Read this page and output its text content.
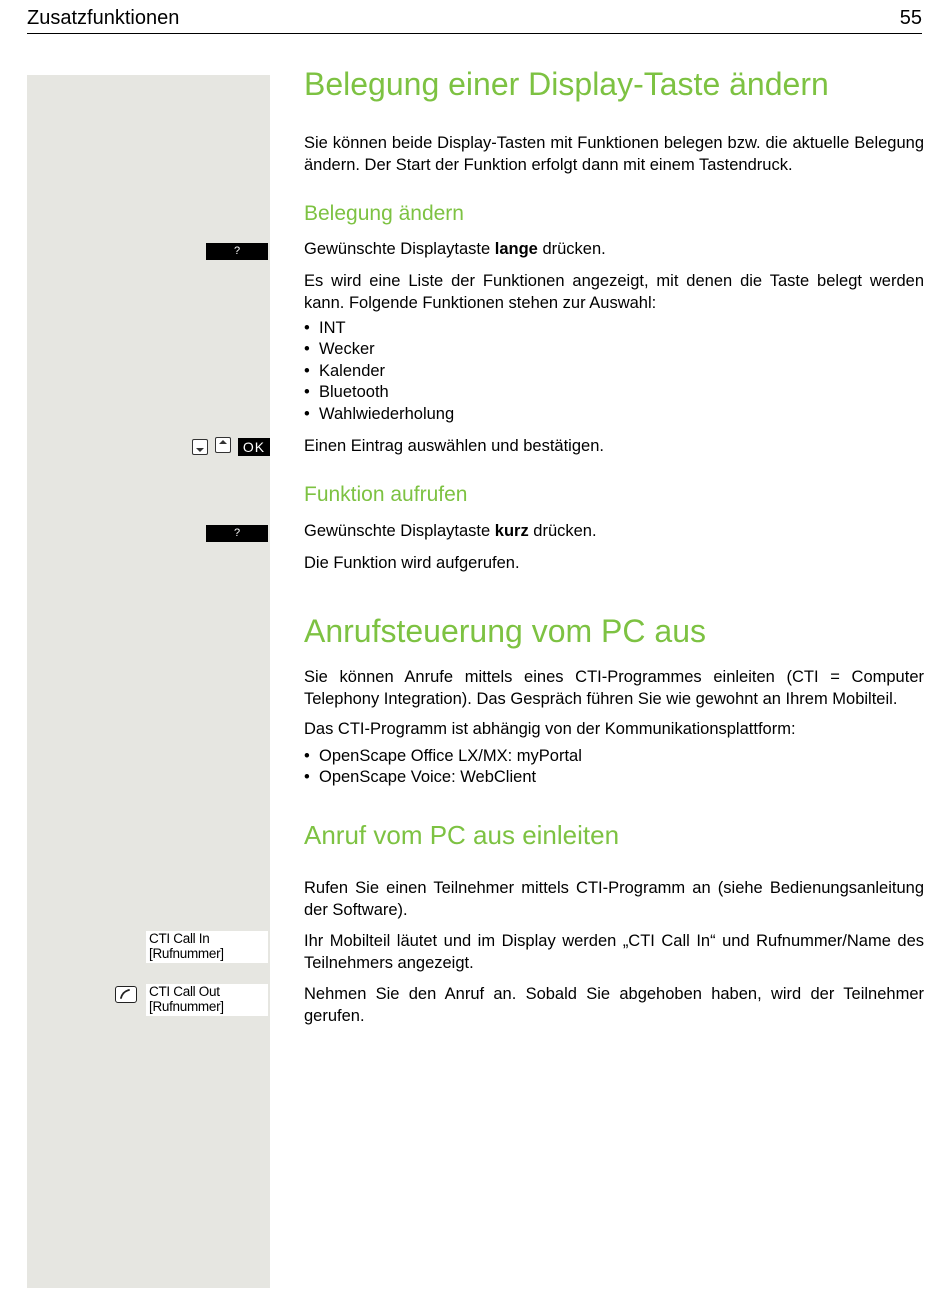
Zusatzfunktionen	55
Belegung einer Display-Taste ändern
Sie können beide Display-Tasten mit Funktionen belegen bzw. die aktuelle Belegung ändern. Der Start der Funktion erfolgt dann mit einem Tastendruck.
Belegung ändern
?	Gewünschte Displaytaste lange drücken.
Es wird eine Liste der Funktionen angezeigt, mit denen die Taste belegt werden kann. Folgende Funktionen stehen zur Auswahl:
• INT
• Wecker
• Kalender
• Bluetooth
• Wahlwiederholung
OK Einen Eintrag auswählen und bestätigen.
Funktion aufrufen
?	Gewünschte Displaytaste kurz drücken.
Die Funktion wird aufgerufen.
Anrufsteuerung vom PC aus
Sie können Anrufe mittels eines CTI-Programmes einleiten (CTI = Computer Telephony Integration). Das Gespräch führen Sie wie gewohnt an Ihrem Mobilteil.
Das CTI-Programm ist abhängig von der Kommunikationsplattform:
• OpenScape Office LX/MX: myPortal
• OpenScape Voice: WebClient
Anruf vom PC aus einleiten
Rufen Sie einen Teilnehmer mittels CTI-Programm an (siehe Bedienungsanleitung der Software).
CTI Call In
[Rufnummer]
Ihr Mobilteil läutet und im Display werden „CTI Call In“ und Rufnummer/Name des Teilnehmers angezeigt.
CTI Call Out
[Rufnummer]
Nehmen Sie den Anruf an. Sobald Sie abgehoben haben, wird der Teilnehmer gerufen.
